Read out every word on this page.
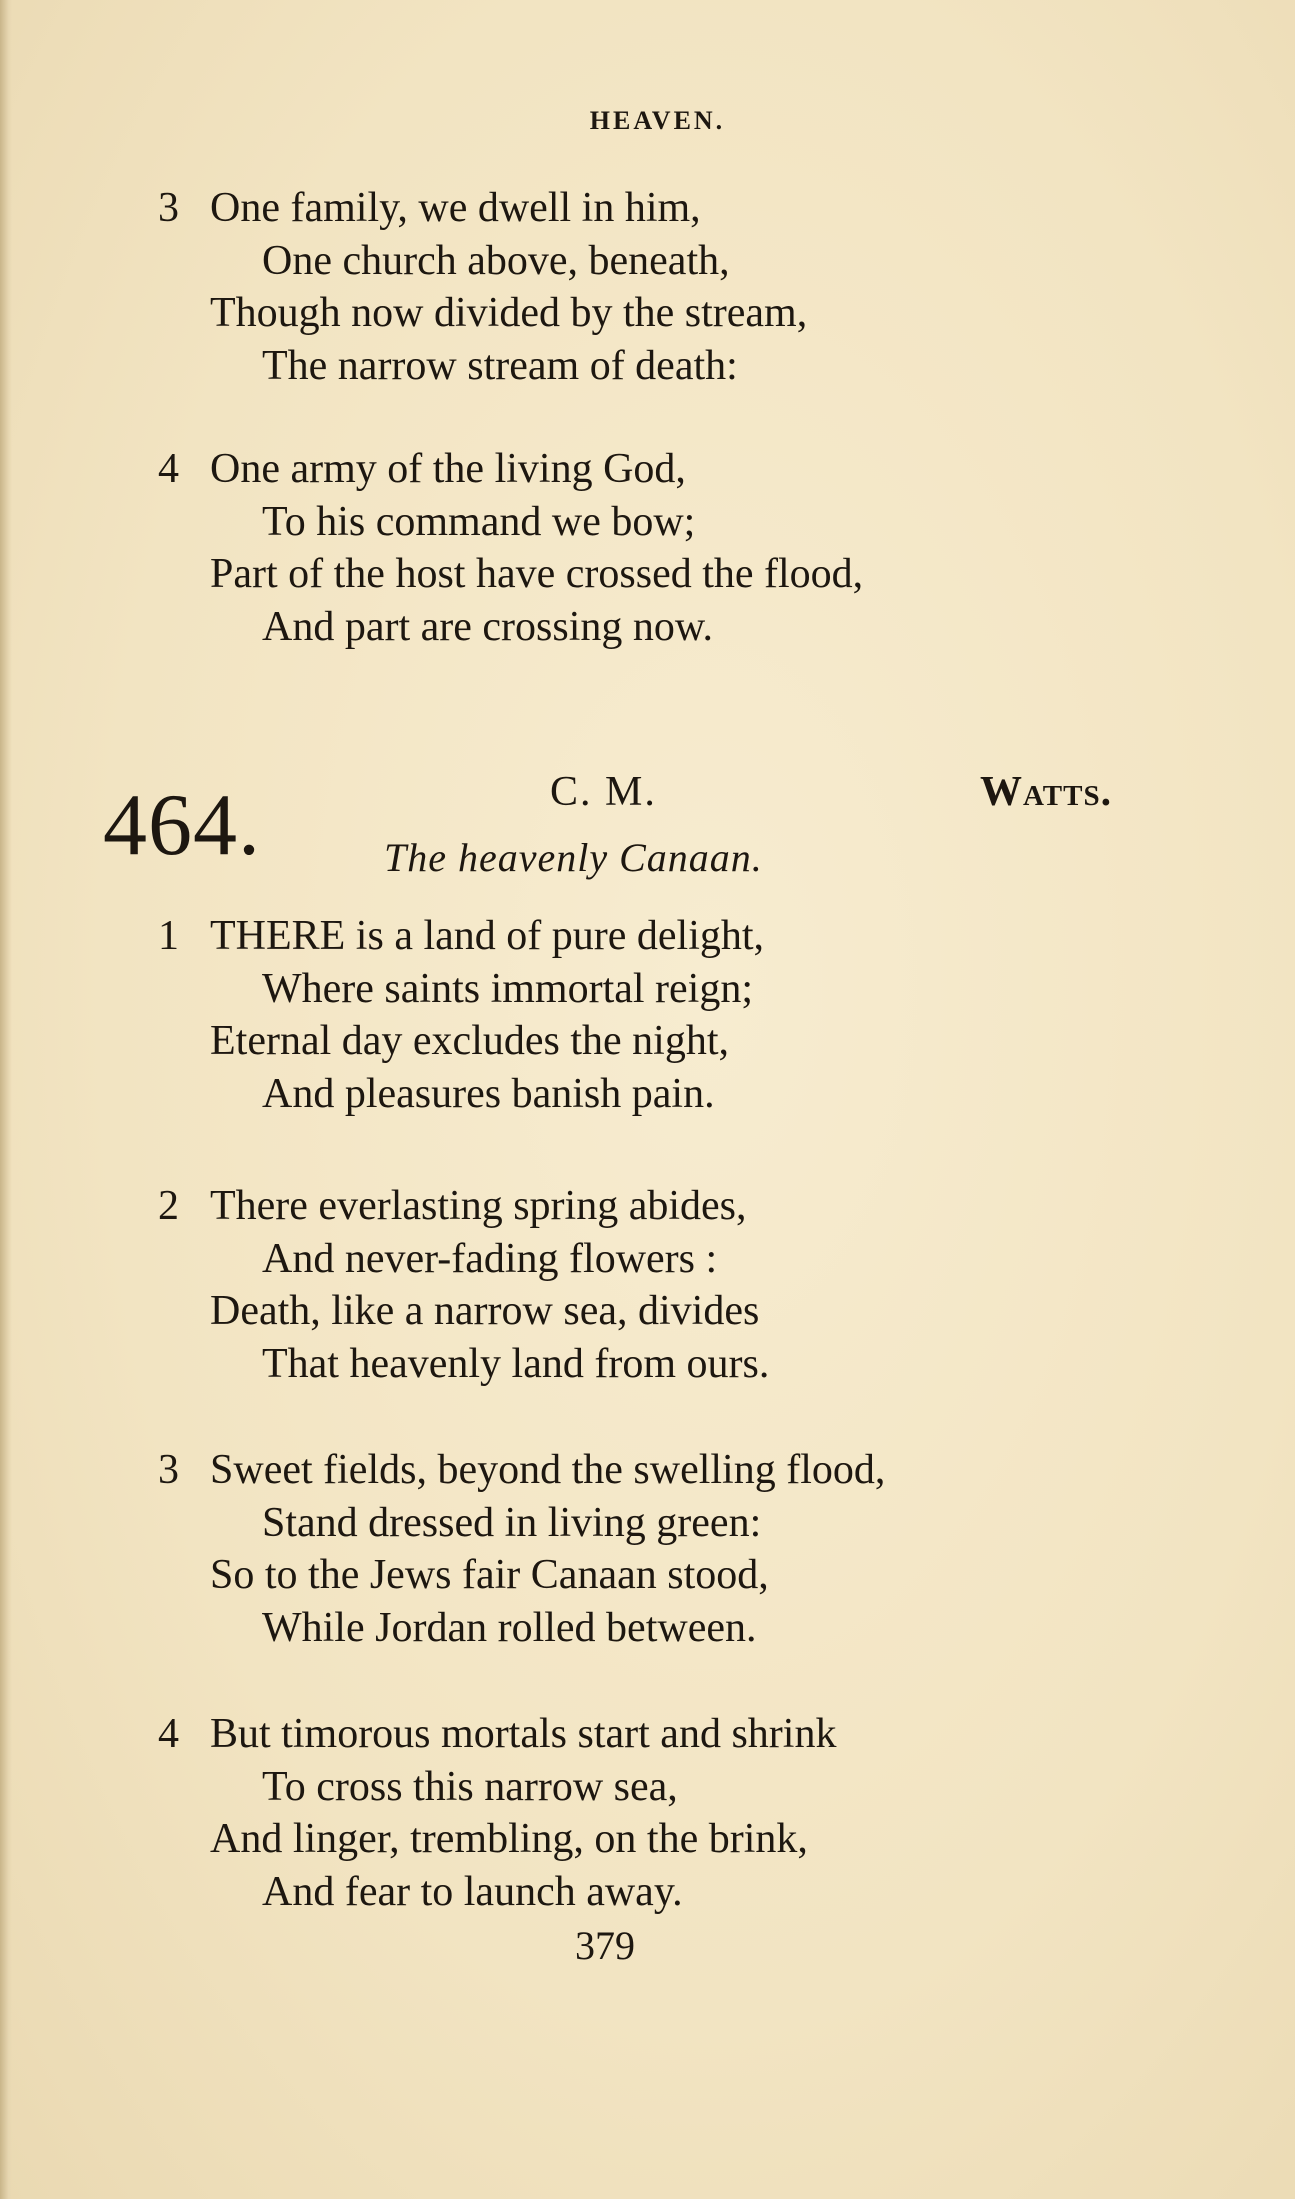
HEAVEN.
3 One family, we dwell in him,
One church above, beneath,
Though now divided by the stream,
The narrow stream of death:
4 One army of the living God,
To his command we bow;
Part of the host have crossed the flood,
And part are crossing now.
464.	C. M.	Watts.
The heavenly Canaan.
1 THERE is a land of pure delight,
Where saints immortal reign;
Eternal day excludes the night,
And pleasures banish pain.
2 There everlasting spring abides,
And never-fading flowers :
Death, like a narrow sea, divides
That heavenly land from ours.
3 Sweet fields, beyond the swelling flood,
Stand dressed in living green:
So to the Jews fair Canaan stood,
While Jordan rolled between.
4 But timorous mortals start and shrink
To cross this narrow sea,
And linger, trembling, on the brink,
And fear to launch away.
379
